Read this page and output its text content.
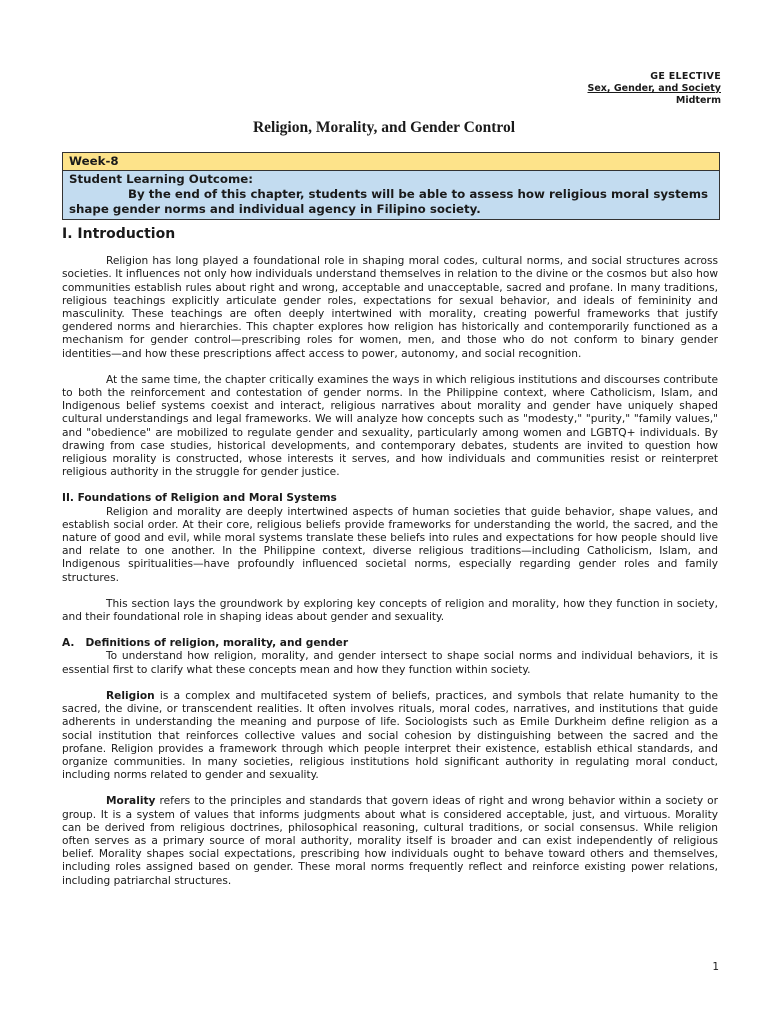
GE ELECTIVE
Sex, Gender, and Society
Midterm
Religion, Morality, and Gender Control
Week-8
Student Learning Outcome:
By the end of this chapter, students will be able to assess how religious moral systems shape gender norms and individual agency in Filipino society.
I. Introduction

Religion has long played a foundational role in shaping moral codes, cultural norms, and social structures across societies. It influences not only how individuals understand themselves in relation to the divine or the cosmos but also how communities establish rules about right and wrong, acceptable and unacceptable, sacred and profane. In many traditions, religious teachings explicitly articulate gender roles, expectations for sexual behavior, and ideals of femininity and masculinity. These teachings are often deeply intertwined with morality, creating powerful frameworks that justify gendered norms and hierarchies. This chapter explores how religion has historically and contemporarily functioned as a mechanism for gender control—prescribing roles for women, men, and those who do not conform to binary gender identities—and how these prescriptions affect access to power, autonomy, and social recognition.

At the same time, the chapter critically examines the ways in which religious institutions and discourses contribute to both the reinforcement and contestation of gender norms. In the Philippine context, where Catholicism, Islam, and Indigenous belief systems coexist and interact, religious narratives about morality and gender have uniquely shaped cultural understandings and legal frameworks. We will analyze how concepts such as "modesty," "purity," "family values," and "obedience" are mobilized to regulate gender and sexuality, particularly among women and LGBTQ+ individuals. By drawing from case studies, historical developments, and contemporary debates, students are invited to question how religious morality is constructed, whose interests it serves, and how individuals and communities resist or reinterpret religious authority in the struggle for gender justice.

II. Foundations of Religion and Moral Systems

Religion and morality are deeply intertwined aspects of human societies that guide behavior, shape values, and establish social order. At their core, religious beliefs provide frameworks for understanding the world, the sacred, and the nature of good and evil, while moral systems translate these beliefs into rules and expectations for how people should live and relate to one another. In the Philippine context, diverse religious traditions—including Catholicism, Islam, and Indigenous spiritualities—have profoundly influenced societal norms, especially regarding gender roles and family structures.

This section lays the groundwork by exploring key concepts of religion and morality, how they function in society, and their foundational role in shaping ideas about gender and sexuality.

A.   Definitions of religion, morality, and gender

To understand how religion, morality, and gender intersect to shape social norms and individual behaviors, it is essential first to clarify what these concepts mean and how they function within society.

Religion is a complex and multifaceted system of beliefs, practices, and symbols that relate humanity to the sacred, the divine, or transcendent realities. It often involves rituals, moral codes, narratives, and institutions that guide adherents in understanding the meaning and purpose of life. Sociologists such as Emile Durkheim define religion as a social institution that reinforces collective values and social cohesion by distinguishing between the sacred and the profane. Religion provides a framework through which people interpret their existence, establish ethical standards, and organize communities. In many societies, religious institutions hold significant authority in regulating moral conduct, including norms related to gender and sexuality.

Morality refers to the principles and standards that govern ideas of right and wrong behavior within a society or group. It is a system of values that informs judgments about what is considered acceptable, just, and virtuous. Morality can be derived from religious doctrines, philosophical reasoning, cultural traditions, or social consensus. While religion often serves as a primary source of moral authority, morality itself is broader and can exist independently of religious belief. Morality shapes social expectations, prescribing how individuals ought to behave toward others and themselves, including roles assigned based on gender. These moral norms frequently reflect and reinforce existing power relations, including patriarchal structures.

1
